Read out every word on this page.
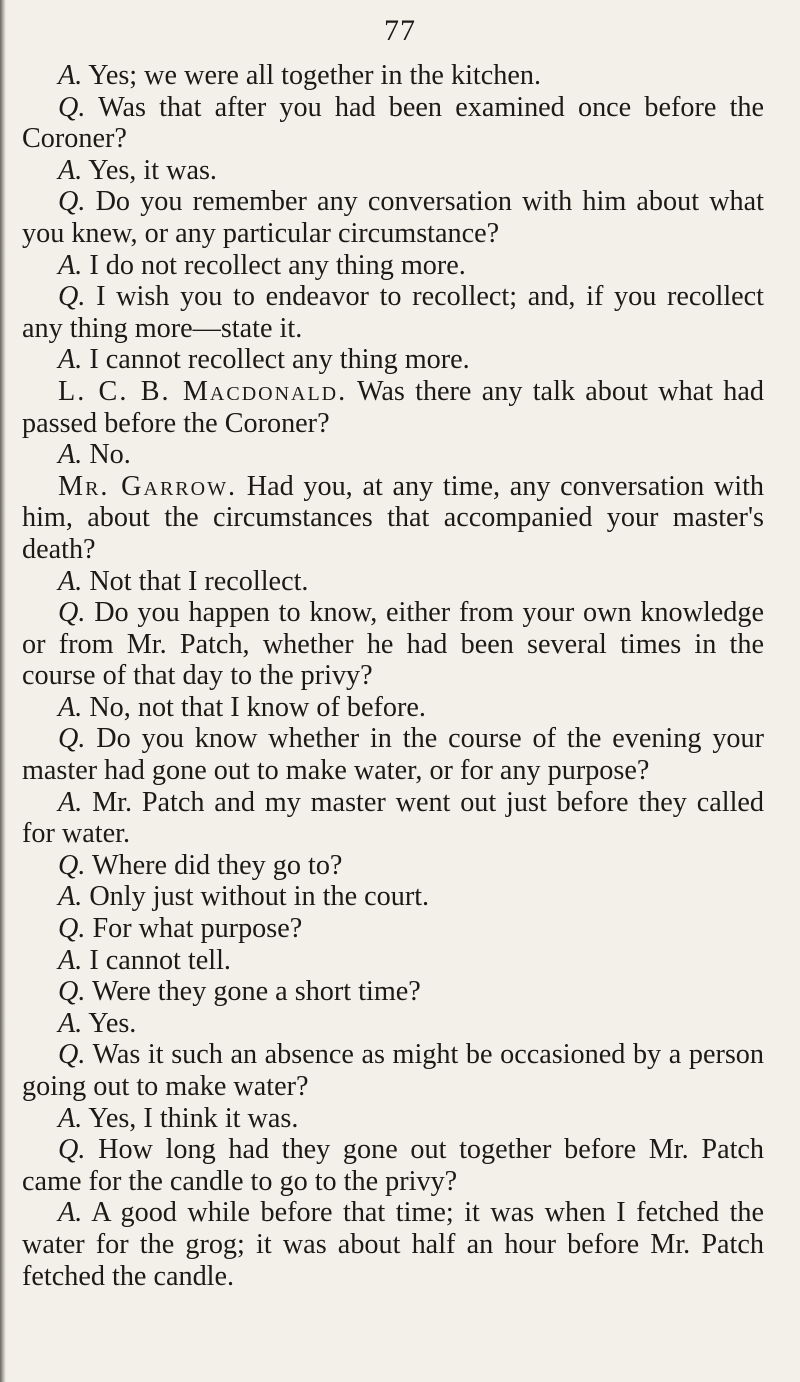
77

A. Yes; we were all together in the kitchen.

Q. Was that after you had been examined once before the Coroner?

A. Yes, it was.

Q. Do you remember any conversation with him about what you knew, or any particular circumstance?

A. I do not recollect any thing more.

Q. I wish you to endeavor to recollect; and, if you recollect any thing more—state it.

A. I cannot recollect any thing more.

L. C. B. Macdonald. Was there any talk about what had passed before the Coroner?

A. No.

Mr. Garrow. Had you, at any time, any conversation with him, about the circumstances that accompanied your master's death?

A. Not that I recollect.

Q. Do you happen to know, either from your own knowledge or from Mr. Patch, whether he had been several times in the course of that day to the privy?

A. No, not that I know of before.

Q. Do you know whether in the course of the evening your master had gone out to make water, or for any purpose?

A. Mr. Patch and my master went out just before they called for water.

Q. Where did they go to?

A. Only just without in the court.

Q. For what purpose?

A. I cannot tell.

Q. Were they gone a short time?

A. Yes.

Q. Was it such an absence as might be occasioned by a person going out to make water?

A. Yes, I think it was.

Q. How long had they gone out together before Mr. Patch came for the candle to go to the privy?

A. A good while before that time; it was when I fetched the water for the grog; it was about half an hour before Mr. Patch fetched the candle.
